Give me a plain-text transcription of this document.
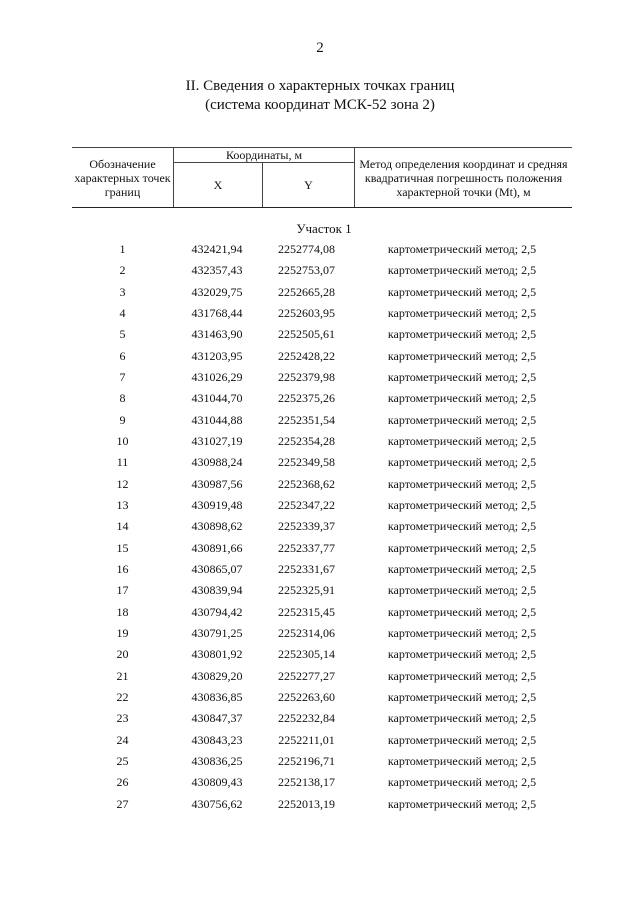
2
II. Сведения о характерных точках границ
(система координат МСК-52 зона 2)
Обозначение характерных точек границ	Координаты, м		Метод определения координат и средняя квадратичная погрешность положения характерной точки (Mt), м
	X	Y	
Участок 1
1	432421,94	2252774,08	картометрический метод; 2,5
2	432357,43	2252753,07	картометрический метод; 2,5
3	432029,75	2252665,28	картометрический метод; 2,5
4	431768,44	2252603,95	картометрический метод; 2,5
5	431463,90	2252505,61	картометрический метод; 2,5
6	431203,95	2252428,22	картометрический метод; 2,5
7	431026,29	2252379,98	картометрический метод; 2,5
8	431044,70	2252375,26	картометрический метод; 2,5
9	431044,88	2252351,54	картометрический метод; 2,5
10	431027,19	2252354,28	картометрический метод; 2,5
11	430988,24	2252349,58	картометрический метод; 2,5
12	430987,56	2252368,62	картометрический метод; 2,5
13	430919,48	2252347,22	картометрический метод; 2,5
14	430898,62	2252339,37	картометрический метод; 2,5
15	430891,66	2252337,77	картометрический метод; 2,5
16	430865,07	2252331,67	картометрический метод; 2,5
17	430839,94	2252325,91	картометрический метод; 2,5
18	430794,42	2252315,45	картометрический метод; 2,5
19	430791,25	2252314,06	картометрический метод; 2,5
20	430801,92	2252305,14	картометрический метод; 2,5
21	430829,20	2252277,27	картометрический метод; 2,5
22	430836,85	2252263,60	картометрический метод; 2,5
23	430847,37	2252232,84	картометрический метод; 2,5
24	430843,23	2252211,01	картометрический метод; 2,5
25	430836,25	2252196,71	картометрический метод; 2,5
26	430809,43	2252138,17	картометрический метод; 2,5
27	430756,62	2252013,19	картометрический метод; 2,5
